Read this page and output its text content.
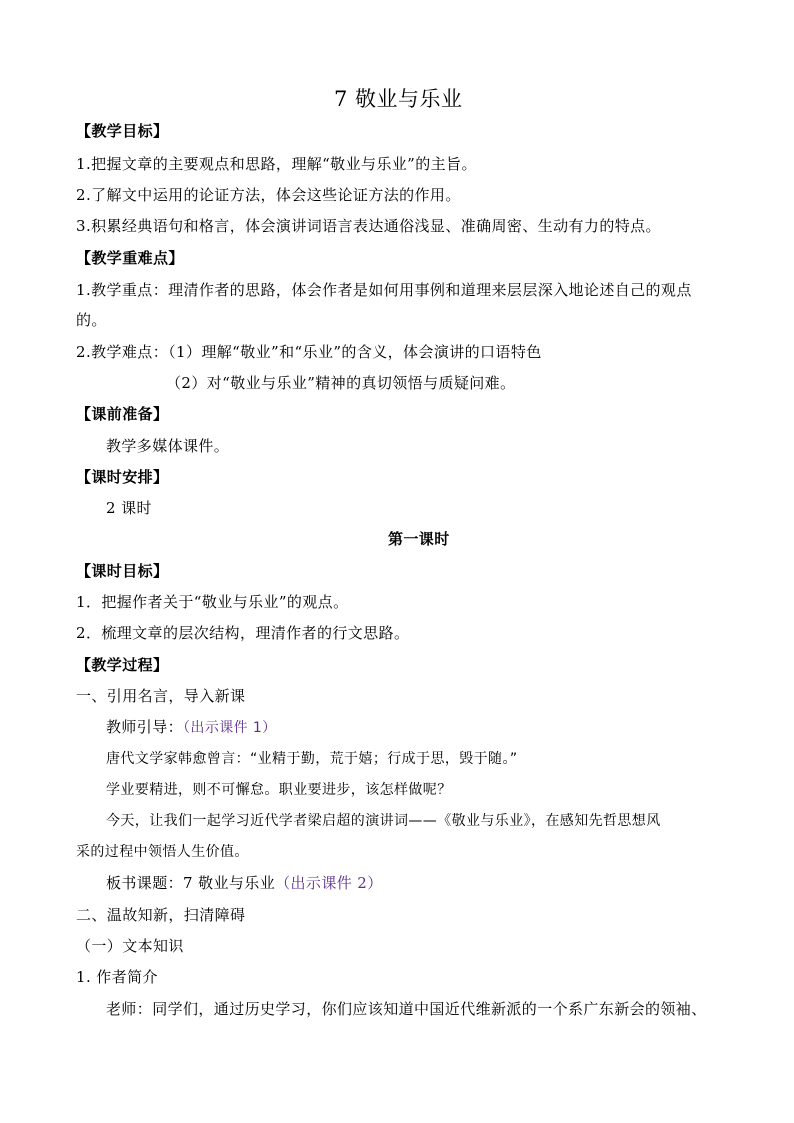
7 敬业与乐业
【教学目标】
1.把握文章的主要观点和思路，理解“敬业与乐业”的主旨。
2.了解文中运用的论证方法，体会这些论证方法的作用。
3.积累经典语句和格言，体会演讲词语言表达通俗浅显、准确周密、生动有力的特点。
【教学重难点】
1.教学重点：理清作者的思路，体会作者是如何用事例和道理来层层深入地论述自己的观点
的。
2.教学难点：（1）理解“敬业”和“乐业”的含义，体会演讲的口语特色
（2）对“敬业与乐业”精神的真切领悟与质疑问难。
【课前准备】
教学多媒体课件。
【课时安排】
2 课时
第一课时
【课时目标】
1．把握作者关于“敬业与乐业”的观点。
2．梳理文章的层次结构，理清作者的行文思路。
【教学过程】
一、引用名言，导入新课
教师引导：（出示课件 1）
唐代文学家韩愈曾言：“业精于勤，荒于嬉；行成于思，毁于随。”
学业要精进，则不可懈怠。职业要进步，该怎样做呢？
今天，让我们一起学习近代学者梁启超的演讲词——《敬业与乐业》，在感知先哲思想风
采的过程中领悟人生价值。
板书课题：7 敬业与乐业（出示课件 2）
二、温故知新，扫清障碍
（一）文本知识
1. 作者简介
老师：同学们，通过历史学习，你们应该知道中国近代维新派的一个系广东新会的领袖、
